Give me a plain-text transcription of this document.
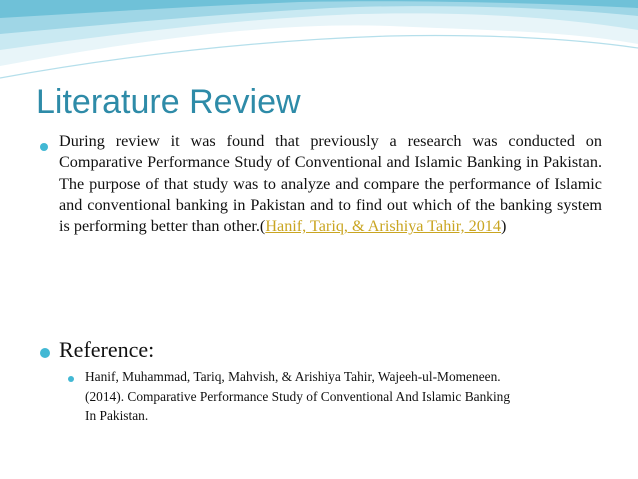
Literature Review

During review it was found that previously a research was conducted on Comparative Performance Study of Conventional and Islamic Banking in Pakistan. The purpose of that study was to analyze and compare the performance of Islamic and conventional banking in Pakistan and to find out which of the banking system is performing better than other.(Hanif, Tariq, & Arishiya Tahir, 2014)

Reference:

Hanif, Muhammad, Tariq, Mahvish, & Arishiya Tahir, Wajeeh-ul-Momeneen.
(2014). Comparative Performance Study of Conventional And Islamic Banking
In Pakistan.
